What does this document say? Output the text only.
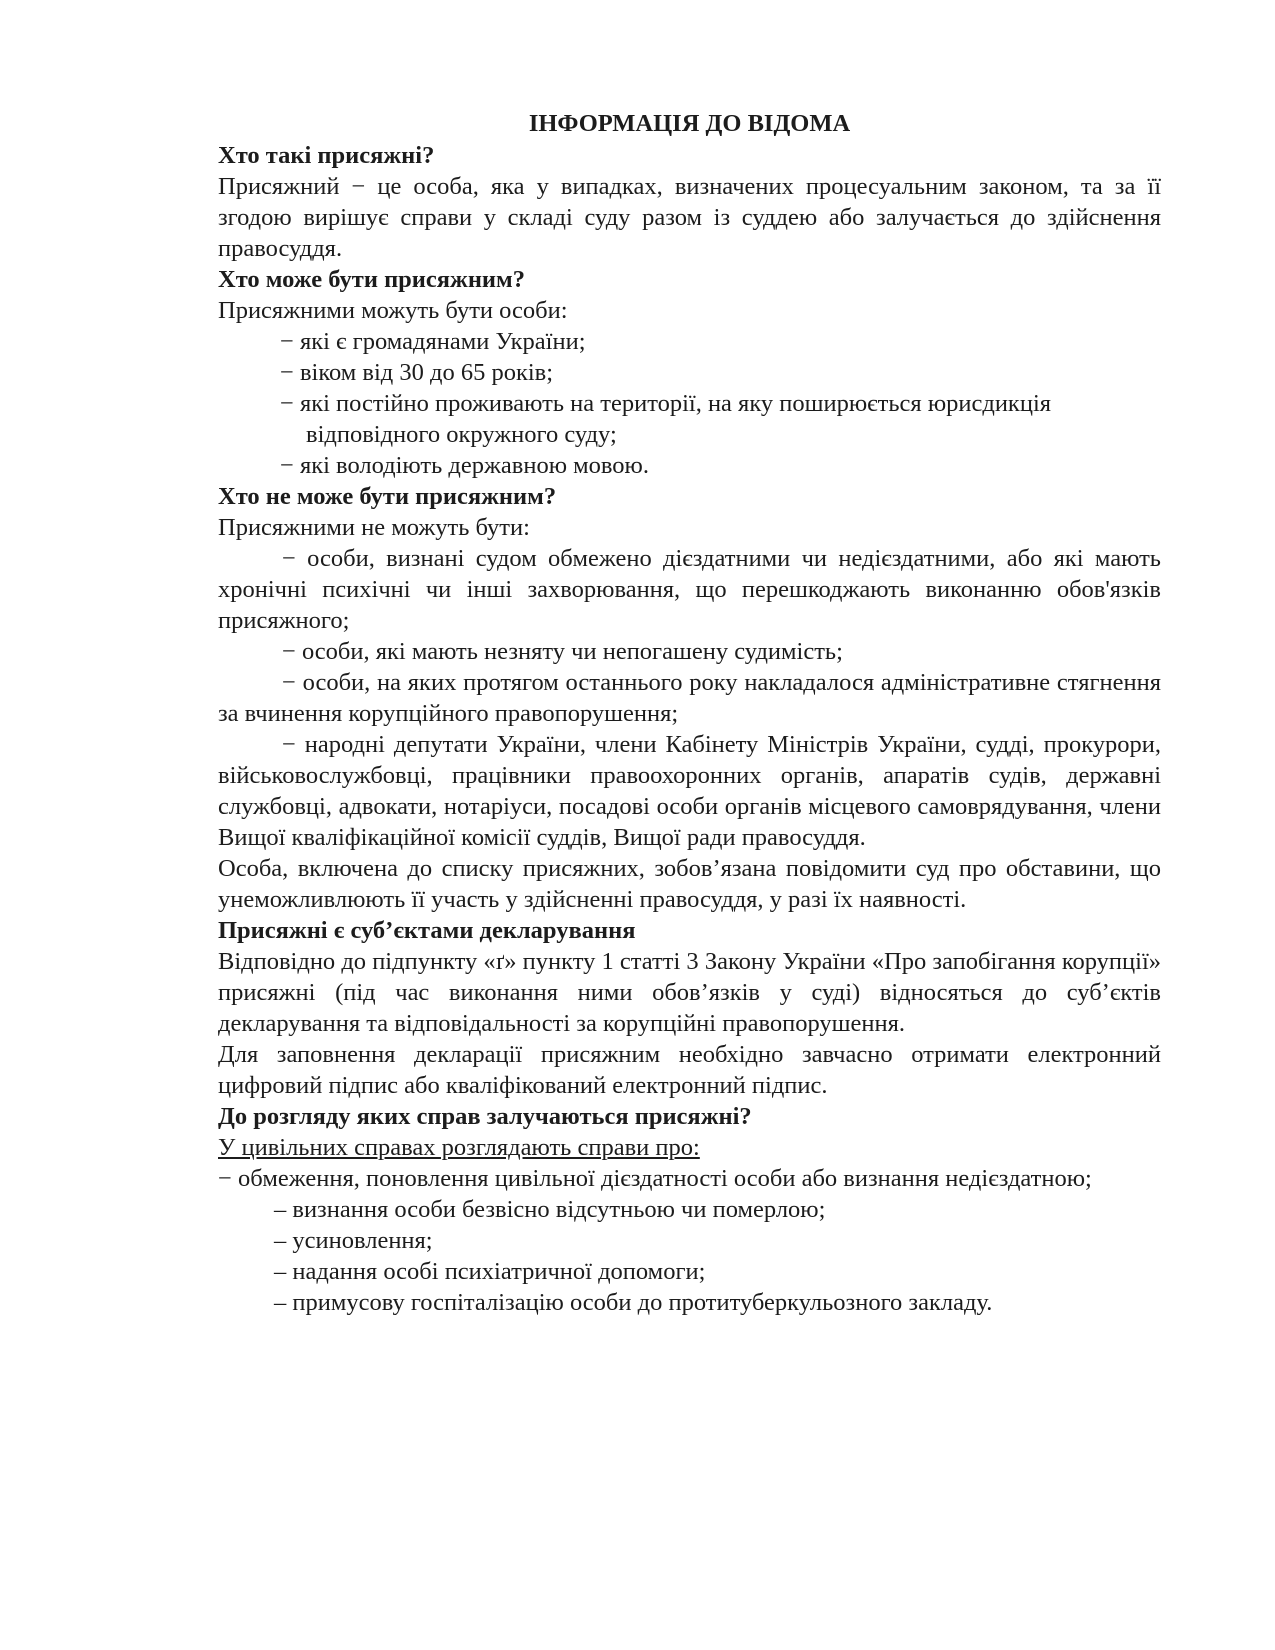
ІНФОРМАЦІЯ ДО ВІДОМА

Хто такі присяжні?

Присяжний − це особа, яка у випадках, визначених процесуальним законом, та за її згодою вирішує справи у складі суду разом із суддею або залучається до здійснення правосуддя.

Хто може бути присяжним?

Присяжними можуть бути особи:

− які є громадянами України;

− віком від 30 до 65 років;

− які постійно проживають на території, на яку поширюється юрисдикція відповідного окружного суду;

− які володіють державною мовою.

Хто не може бути присяжним?

Присяжними не можуть бути:

− особи, визнані судом обмежено дієздатними чи недієздатними, або які мають хронічні психічні чи інші захворювання, що перешкоджають виконанню обов'язків присяжного;

− особи, які мають незняту чи непогашену судимість;

− особи, на яких протягом останнього року накладалося адміністративне стягнення за вчинення корупційного правопорушення;

− народні депутати України, члени Кабінету Міністрів України, судді, прокурори, військовослужбовці, працівники правоохоронних органів, апаратів судів, державні службовці, адвокати, нотаріуси, посадові особи органів місцевого самоврядування, члени Вищої кваліфікаційної комісії суддів, Вищої ради правосуддя.

Особа, включена до списку присяжних, зобов’язана повідомити суд про обставини, що унеможливлюють її участь у здійсненні правосуддя, у разі їх наявності.

Присяжні є суб’єктами декларування

Відповідно до підпункту «ґ» пункту 1 статті 3 Закону України «Про запобігання корупції» присяжні (під час виконання ними обов’язків у суді) відносяться до суб’єктів декларування та відповідальності за корупційні правопорушення.

Для заповнення декларації присяжним необхідно завчасно отримати електронний цифровий підпис або кваліфікований електронний підпис.

До розгляду яких справ залучаються присяжні?

У цивільних справах розглядають справи про:

− обмеження, поновлення цивільної дієздатності особи або визнання недієздатною;

– визнання особи безвісно відсутньою чи померлою;

– усиновлення;

– надання особі психіатричної допомоги;

– примусову госпіталізацію особи до протитуберкульозного закладу.
